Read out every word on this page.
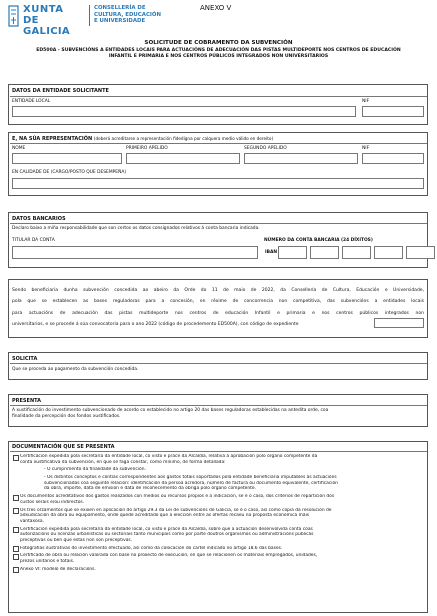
XUNTA
DE GALICIA
CONSELLERÍA DE
CULTURA, EDUCACIÓN
E UNIVERSIDADE
ANEXO V
SOLICITUDE DE COBRAMENTO DA SUBVENCIÓN
ED500A - SUBVENCIÓNS A ENTIDADES LOCAIS PARA ACTUACIÓNS DE ADECUACIÓN DAS PISTAS MULTIDEPORTE NOS CENTROS DE EDUCACIÓN
INFANTIL E PRIMARIA E NOS CENTROS PÚBLICOS INTEGRADOS NON UNIVERSITARIOS
DATOS DA ENTIDADE SOLICITANTE
ENTIDADE LOCAL	NIF
E, NA SÚA REPRESENTACIÓN (deberá acreditarse a representación fidedigna por calquera medio válido en dereito)
NOME	PRIMEIRO APELIDO	SEGUNDO APELIDO	NIF
EN CALIDADE DE (CARGO/POSTO QUE DESEMPEÑA)
DATOS BANCARIOS
Declaro baixo a miña responsabilidade que son certos os datos consignados relativos á conta bancaria indicada.
TITULAR DA CONTA	NÚMERO DA CONTA BANCARIA (24 DÍXITOS)
IBAN
Sendo beneficiaria dunha subvención concedida ao abeiro da Orde do 11 de maio de 2022, da Consellería de Cultura, Educación e Universidade,
pola que se establecen as bases reguladoras para a concesión, en réxime de concorrencia non competitiva, das subvencións a entidades locais
para actuacións de adecuación das pistas multideporte nos centros de educación Infantil e primaria e nos centros públicos integrados non
universitarios, e se procede á súa convocatoria para o ano 2022 (código de procedemento ED500A), con código de expediente
SOLICITA
Que se proceda ao pagamento da subvención concedida.
PRESENTA
A xustificación do investimento subvencionado de acordo co establecido no artigo 20 das bases reguladoras establecidas na antedita orde, coa
finalidade da percepción dos fondos xustificados.
DOCUMENTACIÓN QUE SE PRESENTA
Certificación expedida pola secretaría da entidade local, co visto e prace da Alcaldía, relativa á aprobación polo órgano competente da
conta xustificativa da subvención, en que se faga constar, como mínimo, de forma detallada:
- O cumprimento da finalidade da subvención.
- Os distintos conceptos e contías correspondentes aos gastos totais soportados pola entidade beneficiaria imputables ás actuacións
subvencionadas coa seguinte relación: identificación da persoa acredora, número de factura ou documento equivalente, certificación
da obra, importe, data de emisión e data de recoñecemento da obriga polo órgano competente.
Os documentos acreditativos dos gastos realizados con medios ou recursos propios e a indicación, se é o caso, dos criterios de repartición dos
custos xerais e/ou indirectos.
Os tres orzamentos que se exixen en aplicación do artigo 29.3 da Lei de subvencións de Galicia, se é o caso, así como copia da resolución de
adxudicación da obra ou equipamento, onde quede acreditado que a elección entre as ofertas recaeu na proposta económica máis
vantaxosa.
Certificación expedida pola secretaría da entidade local, co visto e prace da Alcaldía, sobre que a actuación desenvolvida conta coas
autorizacións ou licenzas urbanísticas ou sectoriais tanto municipais como por parte doutros organismos ou administracións públicas
preceptivas ou ben que estas non son preceptivas.
Fotografías ilustrativas do investimento efectuado, así como da colocación do cartel indicado no artigo 18.6 das bases.
Certificado de obra ou relación valorada con base no proxecto de execución, en que se relacionen os materiais empregados, unidades,
prezos unitarios e totais.
Anexo VI: modelo de declaracións.
